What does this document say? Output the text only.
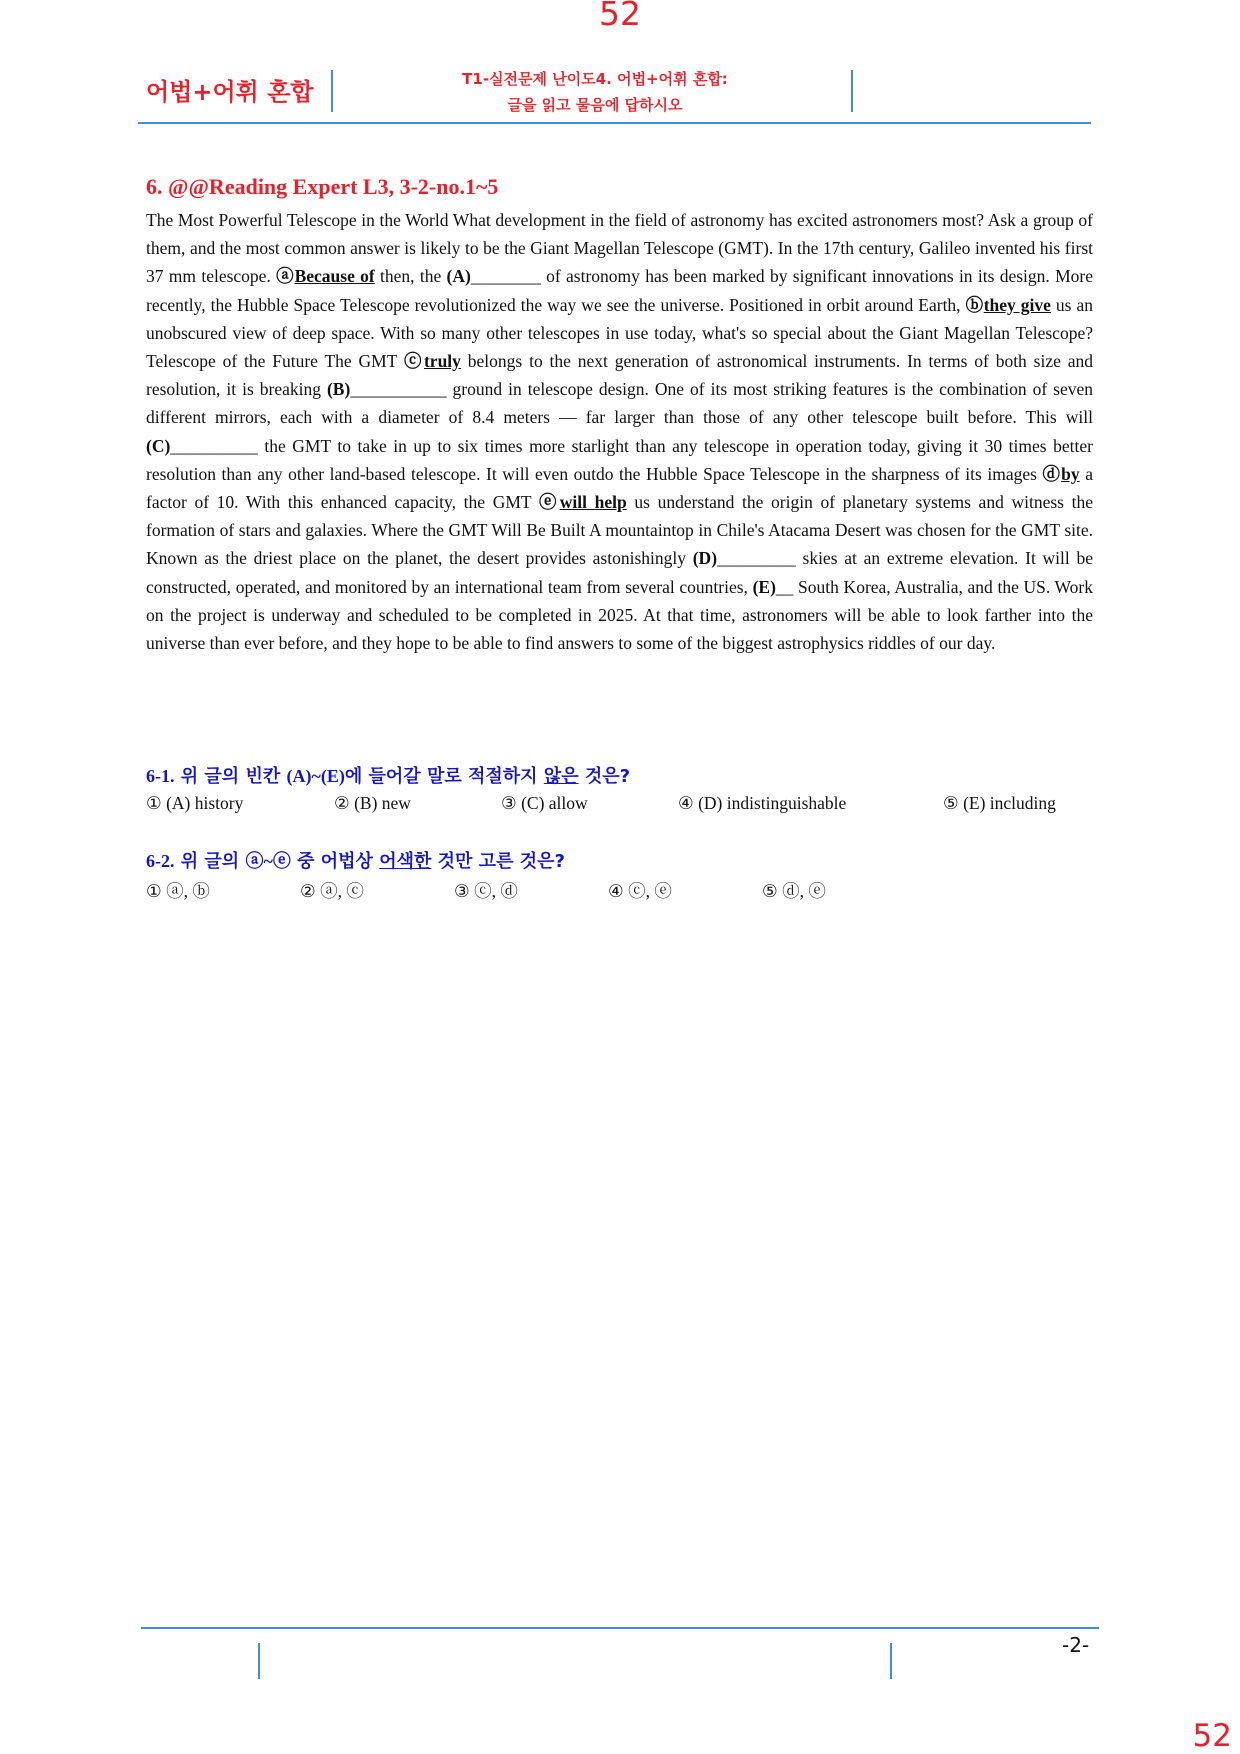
52
어법+어휘 혼합	T1-실전문제 난이도4. 어법+어휘 혼합:
글을 읽고 물음에 답하시오
6. @@Reading Expert L3, 3-2-no.1~5
The Most Powerful Telescope in the World What development in the field of astronomy has excited astronomers most? Ask a group of them, and the most common answer is likely to be the Giant Magellan Telescope (GMT). In the 17th century, Galileo invented his first 37 mm telescope. ⓐBecause of then, the (A)________ of astronomy has been marked by significant innovations in its design. More recently, the Hubble Space Telescope revolutionized the way we see the universe. Positioned in orbit around Earth, ⓑthey give us an unobscured view of deep space. With so many other telescopes in use today, what's so special about the Giant Magellan Telescope? Telescope of the Future The GMT ⓒtruly belongs to the next generation of astronomical instruments. In terms of both size and resolution, it is breaking (B)___________ ground in telescope design. One of its most striking features is the combination of seven different mirrors, each with a diameter of 8.4 meters — far larger than those of any other telescope built before. This will (C)__________ the GMT to take in up to six times more starlight than any telescope in operation today, giving it 30 times better resolution than any other land-based telescope. It will even outdo the Hubble Space Telescope in the sharpness of its images ⓓby a factor of 10. With this enhanced capacity, the GMT ⓔwill help us understand the origin of planetary systems and witness the formation of stars and galaxies. Where the GMT Will Be Built A mountaintop in Chile's Atacama Desert was chosen for the GMT site. Known as the driest place on the planet, the desert provides astonishingly (D)_________ skies at an extreme elevation. It will be constructed, operated, and monitored by an international team from several countries, (E)__ South Korea, Australia, and the US. Work on the project is underway and scheduled to be completed in 2025. At that time, astronomers will be able to look farther into the universe than ever before, and they hope to be able to find answers to some of the biggest astrophysics riddles of our day.
6-1. 위 글의 빈칸 (A)~(E)에 들어갈 말로 적절하지 않은 것은?
① (A) history	② (B) new	③ (C) allow	④ (D) indistinguishable	⑤ (E) including
6-2. 위 글의 ⓐ~ⓔ 중 어법상 어색한 것만 고른 것은?
① ⓐ, ⓑ	② ⓐ, ⓒ	③ ⓒ, ⓓ	④ ⓒ, ⓔ	⑤ ⓓ, ⓔ
-2-
52
